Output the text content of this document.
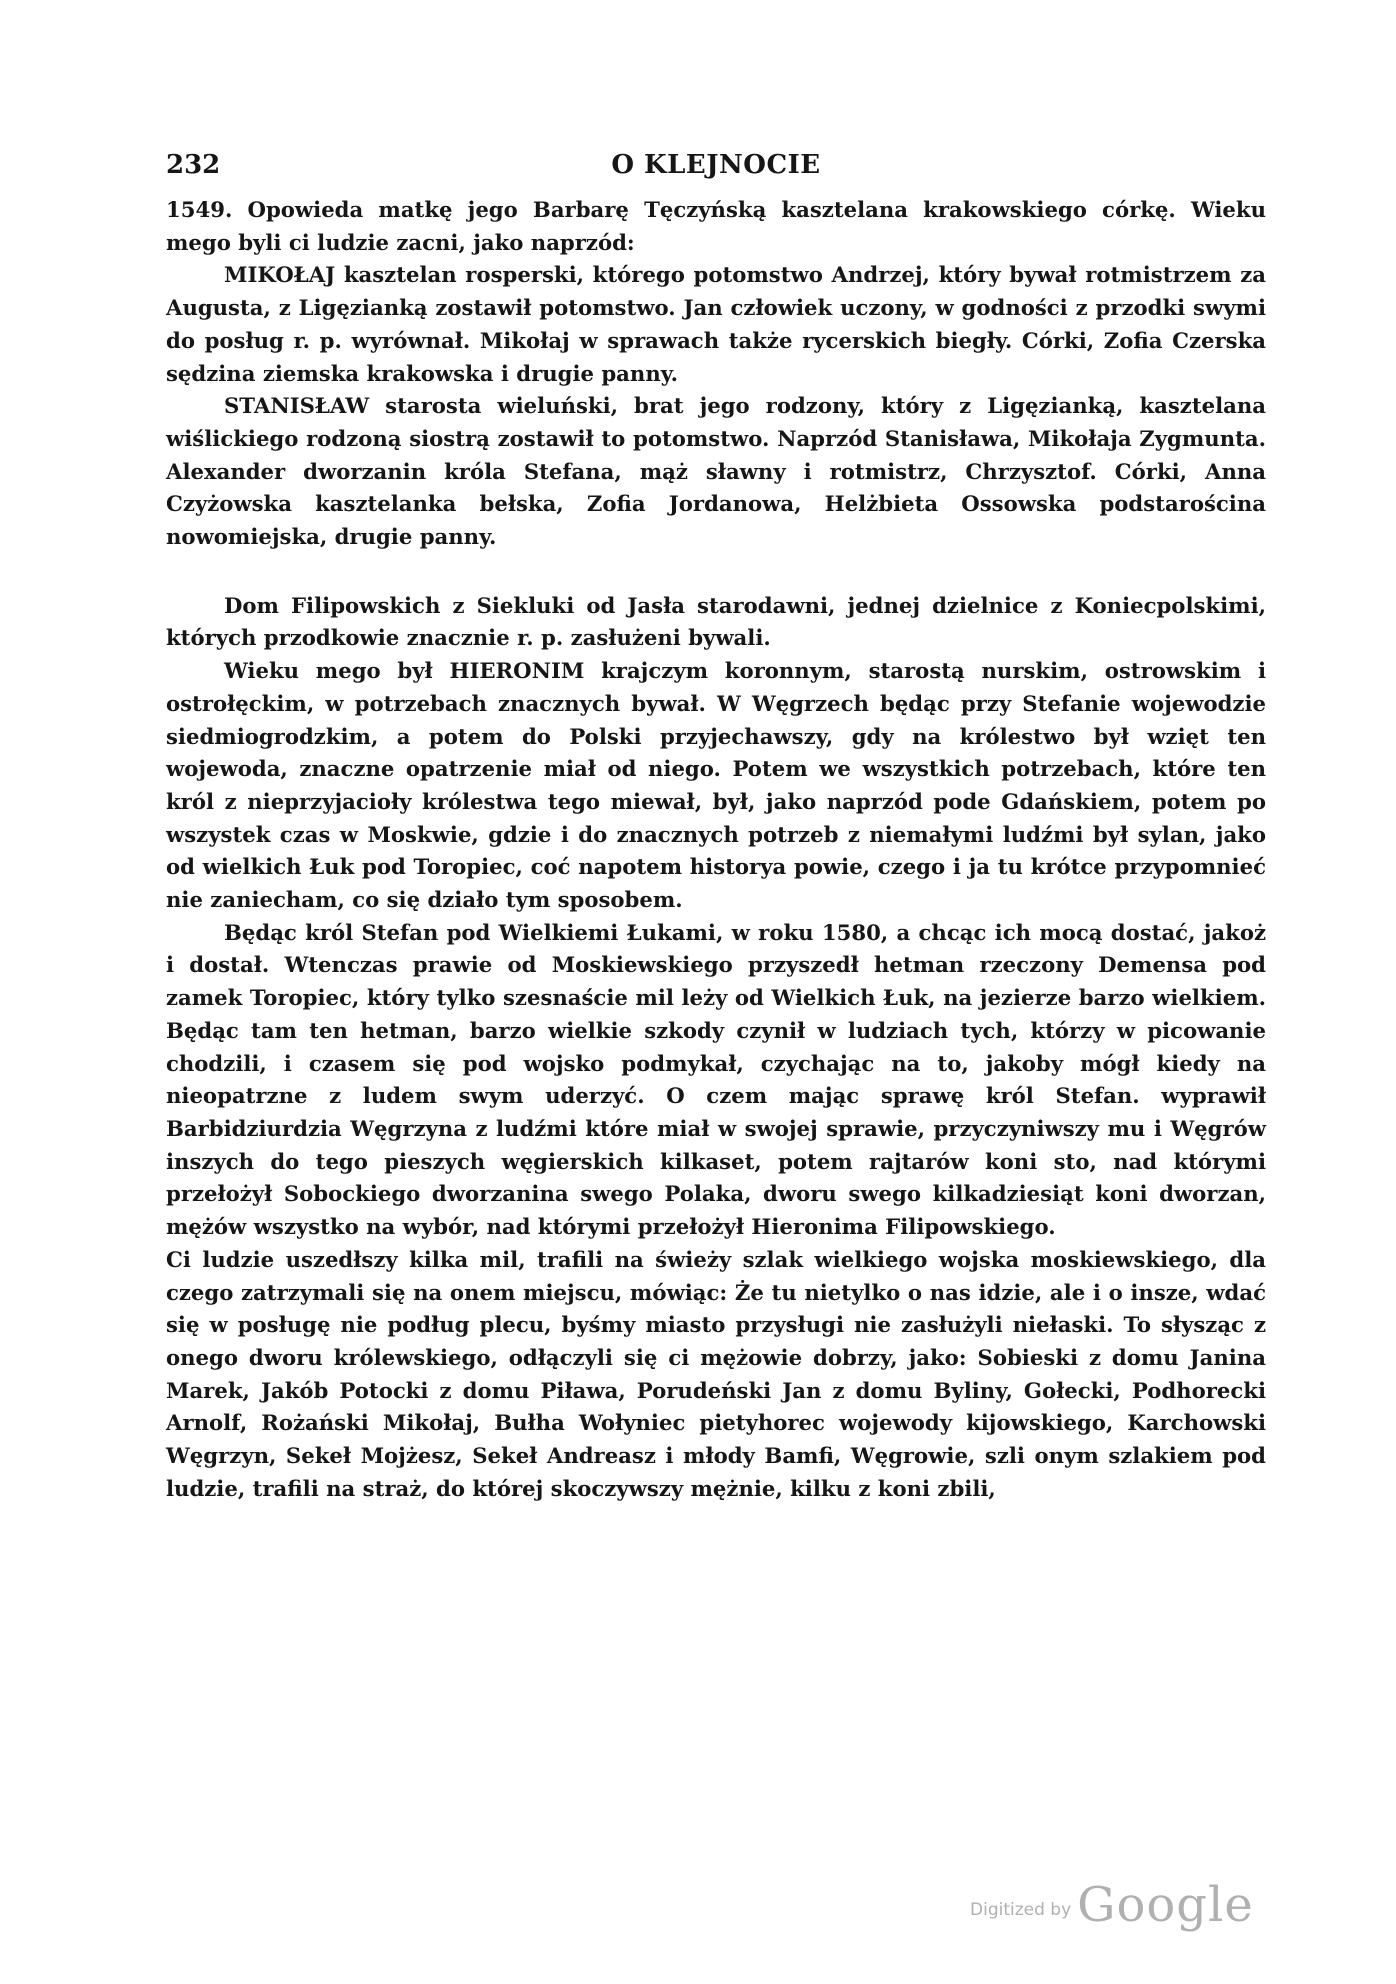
232	O KLEJNOCIE

1549. Opowieda matkę jego Barbarę Tęczyńską kasztelana krakowskiego córkę. Wieku mego byli ci ludzie zacni, jako naprzód:

MIKOŁAJ kasztelan rosperski, którego potomstwo Andrzej, który bywał rotmistrzem za Augusta, z Ligęzianką zostawił potomstwo. Jan człowiek uczony, w godności z przodki swymi do posług r. p. wyrównał. Mikołaj w sprawach także rycerskich biegły. Córki, Zofia Czerska sędzina ziemska krakowska i drugie panny.

STANISŁAW starosta wieluński, brat jego rodzony, który z Ligęzianką, kasztelana wiślickiego rodzoną siostrą zostawił to potomstwo. Naprzód Stanisława, Mikołaja Zygmunta. Alexander dworzanin króla Stefana, mąż sławny i rotmistrz, Chrzysztof. Córki, Anna Czyżowska kasztelanka bełska, Zofia Jordanowa, Helżbieta Ossowska podstarościna nowomiejska, drugie panny.

Dom Filipowskich z Siekluki od Jasła starodawni, jednej dzielnice z Koniecpolskimi, których przodkowie znacznie r. p. zasłużeni bywali.

Wieku mego był HIERONIM krajczym koronnym, starostą nurskim, ostrowskim i ostrołęckim, w potrzebach znacznych bywał. W Węgrzech będąc przy Stefanie wojewodzie siedmiogrodzkim, a potem do Polski przyjechawszy, gdy na królestwo był wzięt ten wojewoda, znaczne opatrzenie miał od niego. Potem we wszystkich potrzebach, które ten król z nieprzyjacioły królestwa tego miewał, był, jako naprzód pode Gdańskiem, potem po wszystek czas w Moskwie, gdzie i do znacznych potrzeb z niemałymi ludźmi był sylan, jako od wielkich Łuk pod Toropiec, coć napotem historya powie, czego i ja tu krótce przypomnieć nie zaniecham, co się działo tym sposobem.

Będąc król Stefan pod Wielkiemi Łukami, w roku 1580, a chcąc ich mocą dostać, jakoż i dostał. Wtenczas prawie od Moskiewskiego przyszedł hetman rzeczony Demensa pod zamek Toropiec, który tylko szesnaście mil leży od Wielkich Łuk, na jezierze barzo wielkiem. Będąc tam ten hetman, barzo wielkie szkody czynił w ludziach tych, którzy w picowanie chodzili, i czasem się pod wojsko podmykał, czychając na to, jakoby mógł kiedy na nieopatrzne z ludem swym uderzyć. O czem mając sprawę król Stefan. wyprawił Barbidziurdzia Węgrzyna z ludźmi które miał w swojej sprawie, przyczyniwszy mu i Węgrów inszych do tego pieszych węgierskich kilkaset, potem rajtarów koni sto, nad którymi przełożył Sobockiego dworzanina swego Polaka, dworu swego kilkadziesiąt koni dworzan, mężów wszystko na wybór, nad którymi przełożył Hieronima Filipowskiego.

Ci ludzie uszedłszy kilka mil, trafili na świeży szlak wielkiego wojska moskiewskiego, dla czego zatrzymali się na onem miejscu, mówiąc: Że tu nietylko o nas idzie, ale i o insze, wdać się w posługę nie podług plecu, byśmy miasto przysługi nie zasłużyli niełaski. To słysząc z onego dworu królewskiego, odłączyli się ci mężowie dobrzy, jako: Sobieski z domu Janina Marek, Jakób Potocki z domu Piława, Porudeński Jan z domu Byliny, Gołecki, Podhorecki Arnolf, Rożański Mikołaj, Bułha Wołyniec pietyhorec wojewody kijowskiego, Karchowski Węgrzyn, Sekeł Mojżesz, Sekeł Andreasz i młody Bamfi, Węgrowie, szli onym szlakiem pod ludzie, trafili na straż, do której skoczywszy mężnie, kilku z koni zbili,

Digitized by Google
